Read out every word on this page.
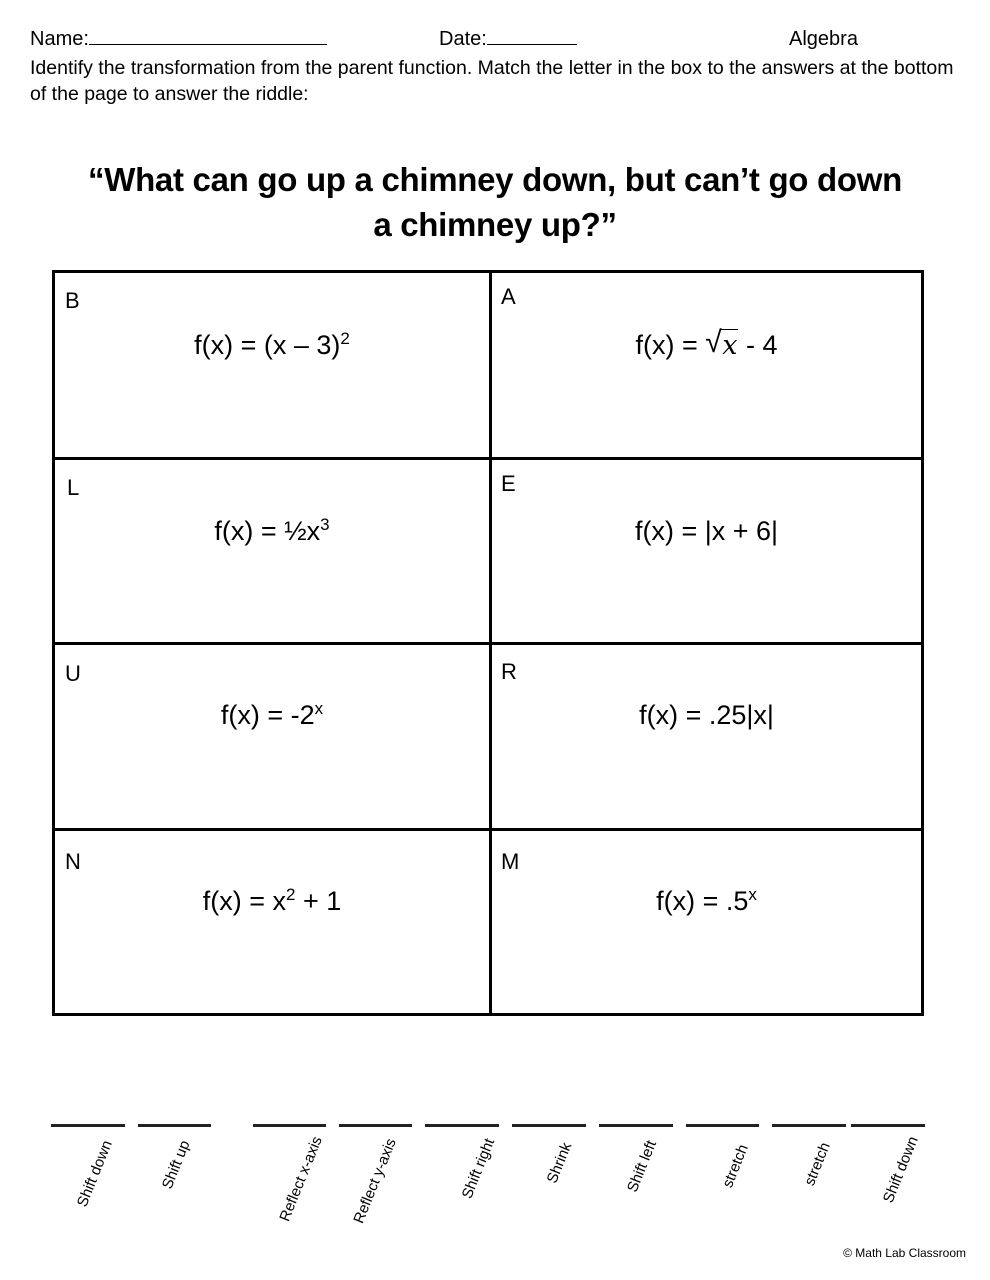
Name:	Date:	Algebra
Identify the transformation from the parent function. Match the letter in the box to the answers at the bottom of the page to answer the riddle:
“What can go up a chimney down, but can’t go down
a chimney up?”
B
f(x) = (x – 3)$^2$
A
f(x) = √ x - 4
L
$f(x) = \frac{1}{2}x^3$
E
f(x) = |x + 6|
U
$f(x) = -2^x$
R
f(x) = .25|x|
N
$f(x) = x^2 + 1$
M
$f(x) = .5^x$
Shift down	Shift up	Reflect x-axis Reflect y-axis	Shift right	Shrink	Shift left	stretch	stretch	Shift down
© Math Lab Classroom
